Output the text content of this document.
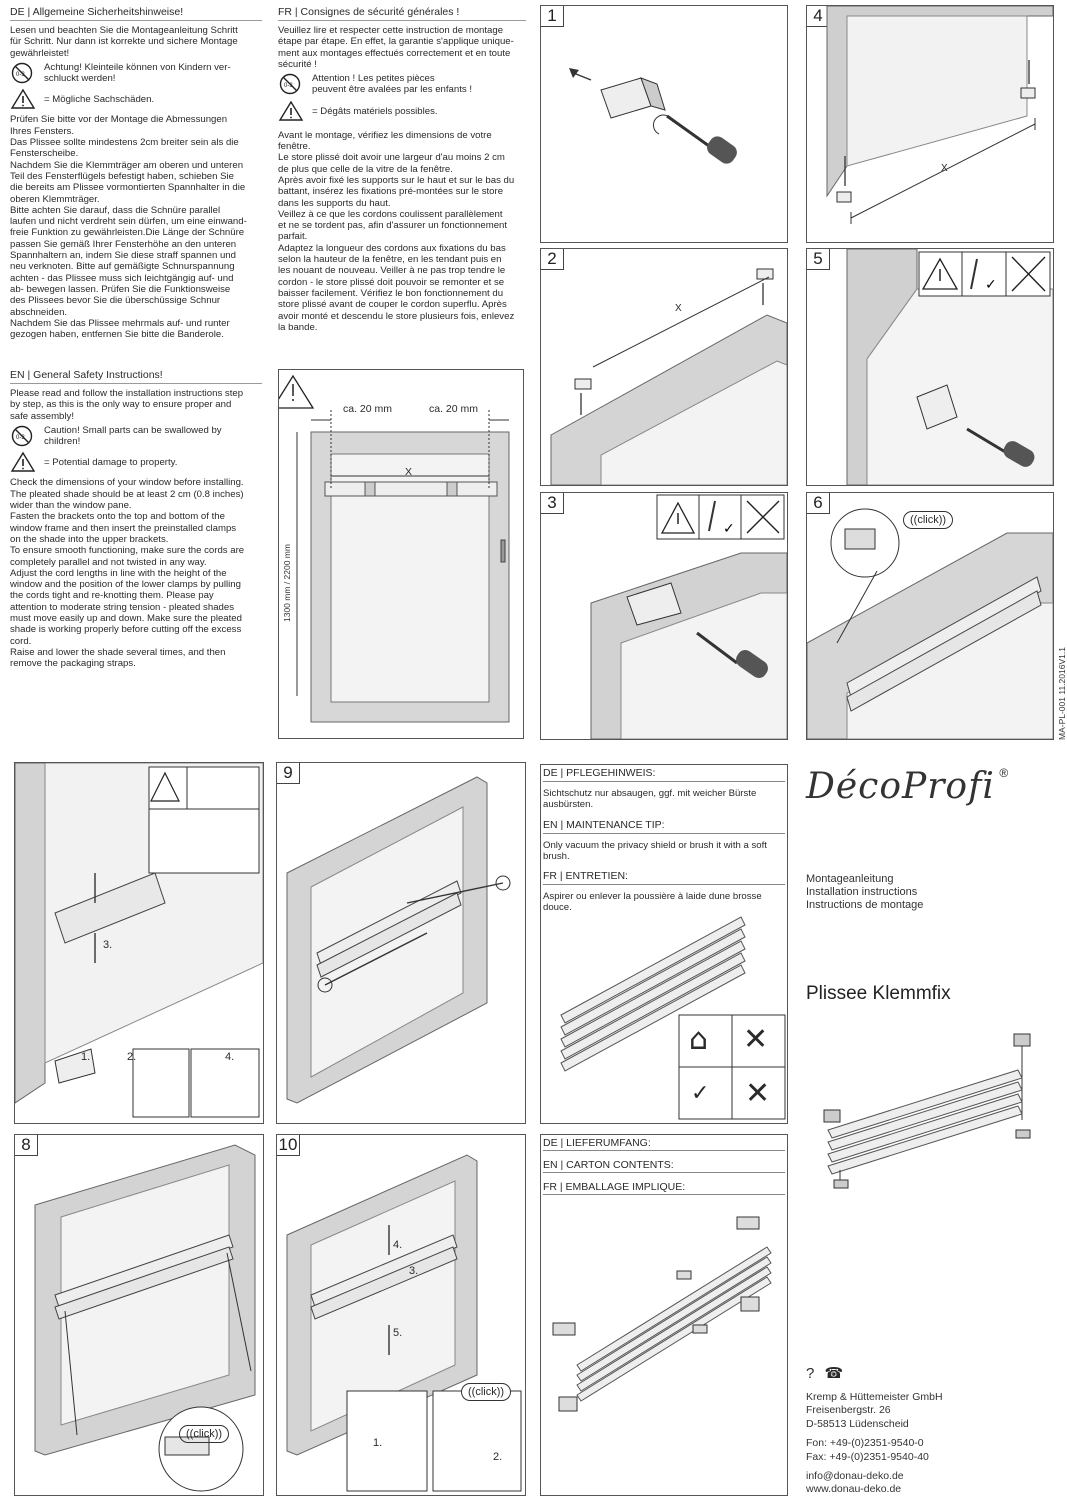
DE | Allgemeine Sicherheitshinweise!

Lesen und beachten Sie die Montageanleitung Schritt
für Schritt. Nur dann ist korrekte und sichere Montage
gewährleistet!

0-3
Achtung! Kleinteile können von Kindern ver-
schluckt werden!
= Mögliche Sachschäden.

Prüfen Sie bitte vor der Montage die Abmessungen
Ihres Fensters.
Das Plissee sollte mindestens 2cm breiter sein als die
Fensterscheibe.
Nachdem Sie die Klemmträger am oberen und unteren
Teil des Fensterflügels befestigt haben, schieben Sie
die bereits am Plissee vormontierten Spannhalter in die
oberen Klemmträger.
Bitte achten Sie darauf, dass die Schnüre parallel
laufen und nicht verdreht sein dürfen, um eine einwand-
freie Funktion zu gewährleisten.Die Länge der Schnüre
passen Sie gemäß Ihrer Fensterhöhe an den unteren
Spannhaltern an, indem Sie diese straff spannen und
neu verknoten. Bitte auf gemäßigte Schnurspannung
achten - das Plissee muss sich leichtgängig auf- und
ab- bewegen lassen. Prüfen Sie die Funktionsweise
des Plissees bevor Sie die überschüssige Schnur
abschneiden.
Nachdem Sie das Plissee mehrmals auf- und runter
gezogen haben, entfernen Sie bitte die Banderole.

EN | General Safety Instructions!

Please read and follow the installation instructions step
by step, as this is the only way to ensure proper and
safe assembly!

0-3
Caution! Small parts can be swallowed by
children!
= Potential damage to property.

Check the dimensions of your window before installing.
The pleated shade should be at least 2 cm (0.8 inches)
wider than the window pane.
Fasten the brackets onto the top and bottom of the
window frame and then insert the preinstalled clamps
on the shade into the upper brackets.
To ensure smooth functioning, make sure the cords are
completely parallel and not twisted in any way.
Adjust the cord lengths in line with the height of the
window and the position of the lower clamps by pulling
the cords tight and re-knotting them. Please pay
attention to moderate string tension - pleated shades
must move easily up and down. Make sure the pleated
shade is working properly before cutting off the excess
cord.
Raise and lower the shade several times, and then
remove the packaging straps.

FR | Consignes de sécurité générales !

Veuillez lire et respecter cette instruction de montage
étape par étape. En effet, la garantie s'applique unique-
ment aux montages effectués correctement et en toute
sécurité !

0-3
Attention ! Les petites pièces
peuvent être avalées par les enfants !
= Dégâts matériels possibles.

Avant le montage, vérifiez les dimensions de votre
fenêtre.
Le store plissé doit avoir une largeur d'au moins 2 cm
de plus que celle de la vitre de la fenêtre.
Après avoir fixé les supports sur le haut et sur le bas du
battant, insérez les fixations pré-montées sur le store
dans les supports du haut.
Veillez à ce que les cordons coulissent parallèlement
et ne se tordent pas, afin d'assurer un fonctionnement
parfait.
Adaptez la longueur des cordons aux fixations du bas
selon la hauteur de la fenêtre, en les tendant puis en
les nouant de nouveau. Veiller à ne pas trop tendre le
cordon - le store plissé doit pouvoir se remonter et se
baisser facilement. Vérifiez le bon fonctionnement du
store plissé avant de couper le cordon superflu. Après
avoir monté et descendu le store plusieurs fois, enlevez
la bande.

ca. 20 mm	ca. 20 mm
X
1300 mm / 2200 mm
1	4
X
2
X
5
✓
3
✓
6
((click))
MA-PL-001 11.2016V1.1
3.
1.	2.	4.
9
8
((click))
10
4.
3.
5.
1.
2.
((click))
DE | PFLEGEHINWEIS:
Sichtschutz nur absaugen, ggf. mit weicher Bürste
ausbürsten.
EN | MAINTENANCE TIP:
Only vacuum the privacy shield or brush it with a soft
brush.
FR | ENTRETIEN:
Aspirer ou enlever la poussière à laide dune brosse
douce.
⌂ ✕
✓ ✕
DE | LIEFERUMFANG:
EN | CARTON CONTENTS:
FR | EMBALLAGE IMPLIQUE:
DécoProfi ®
Montageanleitung
Installation instructions
Instructions de montage
Plissee Klemmfix
? ☎
Kremp & Hüttemeister GmbH
Freisenbergstr. 26
D-58513 Lüdenscheid
Fon: +49-(0)2351-9540-0
Fax: +49-(0)2351-9540-40
info@donau-deko.de
www.donau-deko.de
